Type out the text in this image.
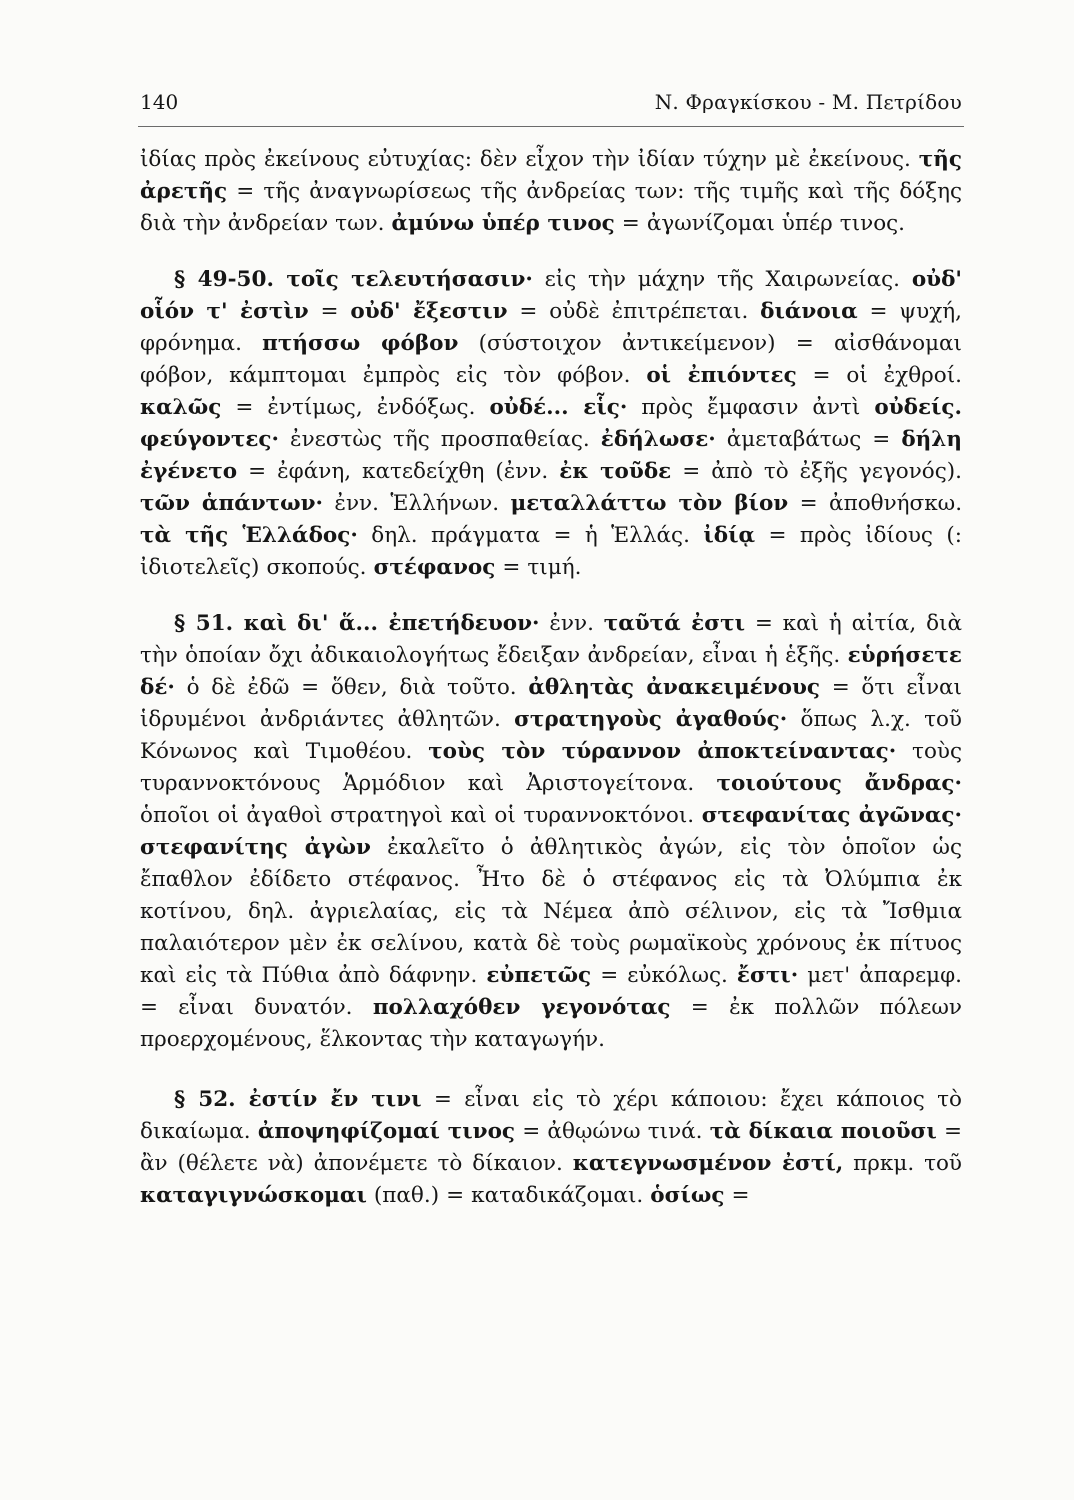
140	Ν. Φραγκίσκου - Μ. Πετρίδου

ἰδίας πρὸς ἐκείνους εὐτυχίας: δὲν εἶχον τὴν ἰδίαν τύχην μὲ ἐκείνους. τῆς ἀρετῆς = τῆς ἀναγνωρίσεως τῆς ἀνδρείας των: τῆς τιμῆς καὶ τῆς δόξης διὰ τὴν ἀνδρείαν των. ἀμύνω ὑπέρ τινος = ἀγωνίζομαι ὑπέρ τινος.

§ 49-50. τοῖς τελευτήσασιν· εἰς τὴν μάχην τῆς Χαιρωνείας. οὐδ' οἷόν τ' ἐστὶν = οὐδ' ἔξεστιν = οὐδὲ ἐπιτρέπεται. διάνοια = ψυχή, φρόνημα. πτήσσω φόβον (σύστοιχον ἀντικείμενον) = αἰσθάνομαι φόβον, κάμπτομαι ἐμπρὸς εἰς τὸν φόβον. οἱ ἐπιόντες = οἱ ἐχθροί. καλῶς = ἐντίμως, ἐνδόξως. οὐδέ... εἷς· πρὸς ἔμφασιν ἀντὶ οὐδείς. φεύγοντες· ἐνεστὼς τῆς προσπαθείας. ἐδήλωσε· ἀμεταβάτως = δήλη ἐγένετο = ἐφάνη, κατεδείχθη (ἐνν. ἐκ τοῦδε = ἀπὸ τὸ ἐξῆς γεγονός). τῶν ἁπάντων· ἐνν. Ἑλλήνων. μεταλλάττω τὸν βίον = ἀποθνήσκω. τὰ τῆς Ἑλλάδος· δηλ. πράγματα = ἡ Ἑλλάς. ἰδίᾳ = πρὸς ἰδίους (: ἰδιοτελεῖς) σκοπούς. στέφανος = τιμή.

§ 51. καὶ δι' ἅ... ἐπετήδευον· ἐνν. ταῦτά ἐστι = καὶ ἡ αἰτία, διὰ τὴν ὁποίαν ὄχι ἀδικαιολογήτως ἔδειξαν ἀνδρείαν, εἶναι ἡ ἑξῆς. εὑρήσετε δέ· ὁ δὲ ἐδῶ = ὅθεν, διὰ τοῦτο. ἀθλητὰς ἀνακειμένους = ὅτι εἶναι ἱδρυμένοι ἀνδριάντες ἀθλητῶν. στρατηγοὺς ἀγαθούς· ὅπως λ.χ. τοῦ Κόνωνος καὶ Τιμοθέου. τοὺς τὸν τύραννον ἀποκτείναντας· τοὺς τυραννοκτόνους Ἁρμόδιον καὶ Ἀριστογείτονα. τοιούτους ἄνδρας· ὁποῖοι οἱ ἀγαθοὶ στρατηγοὶ καὶ οἱ τυραννοκτόνοι. στεφανίτας ἀγῶνας· στεφανίτης ἀγὼν ἐκαλεῖτο ὁ ἀθλητικὸς ἀγών, εἰς τὸν ὁποῖον ὡς ἔπαθλον ἐδίδετο στέφανος. Ἦτο δὲ ὁ στέφανος εἰς τὰ Ὀλύμπια ἐκ κοτίνου, δηλ. ἀγριελαίας, εἰς τὰ Νέμεα ἀπὸ σέλινον, εἰς τὰ Ἴσθμια παλαιότερον μὲν ἐκ σελίνου, κατὰ δὲ τοὺς ρωμαϊκοὺς χρόνους ἐκ πίτυος καὶ εἰς τὰ Πύθια ἀπὸ δάφνην. εὐπετῶς = εὐκόλως. ἔστι· μετ' ἀπαρεμφ. = εἶναι δυνατόν. πολλαχόθεν γεγονότας = ἐκ πολλῶν πόλεων προερχομένους, ἕλκοντας τὴν καταγωγήν.

§ 52. ἐστίν ἔν τινι = εἶναι εἰς τὸ χέρι κάποιου: ἔχει κάποιος τὸ δικαίωμα. ἀποψηφίζομαί τινος = ἀθῳώνω τινά. τὰ δίκαια ποιοῦσι = ἂν (θέλετε νὰ) ἀπονέμετε τὸ δίκαιον. κατεγνωσμένον ἐστί, πρκμ. τοῦ καταγιγνώσκομαι (παθ.) = καταδικάζομαι. ὁσίως =
